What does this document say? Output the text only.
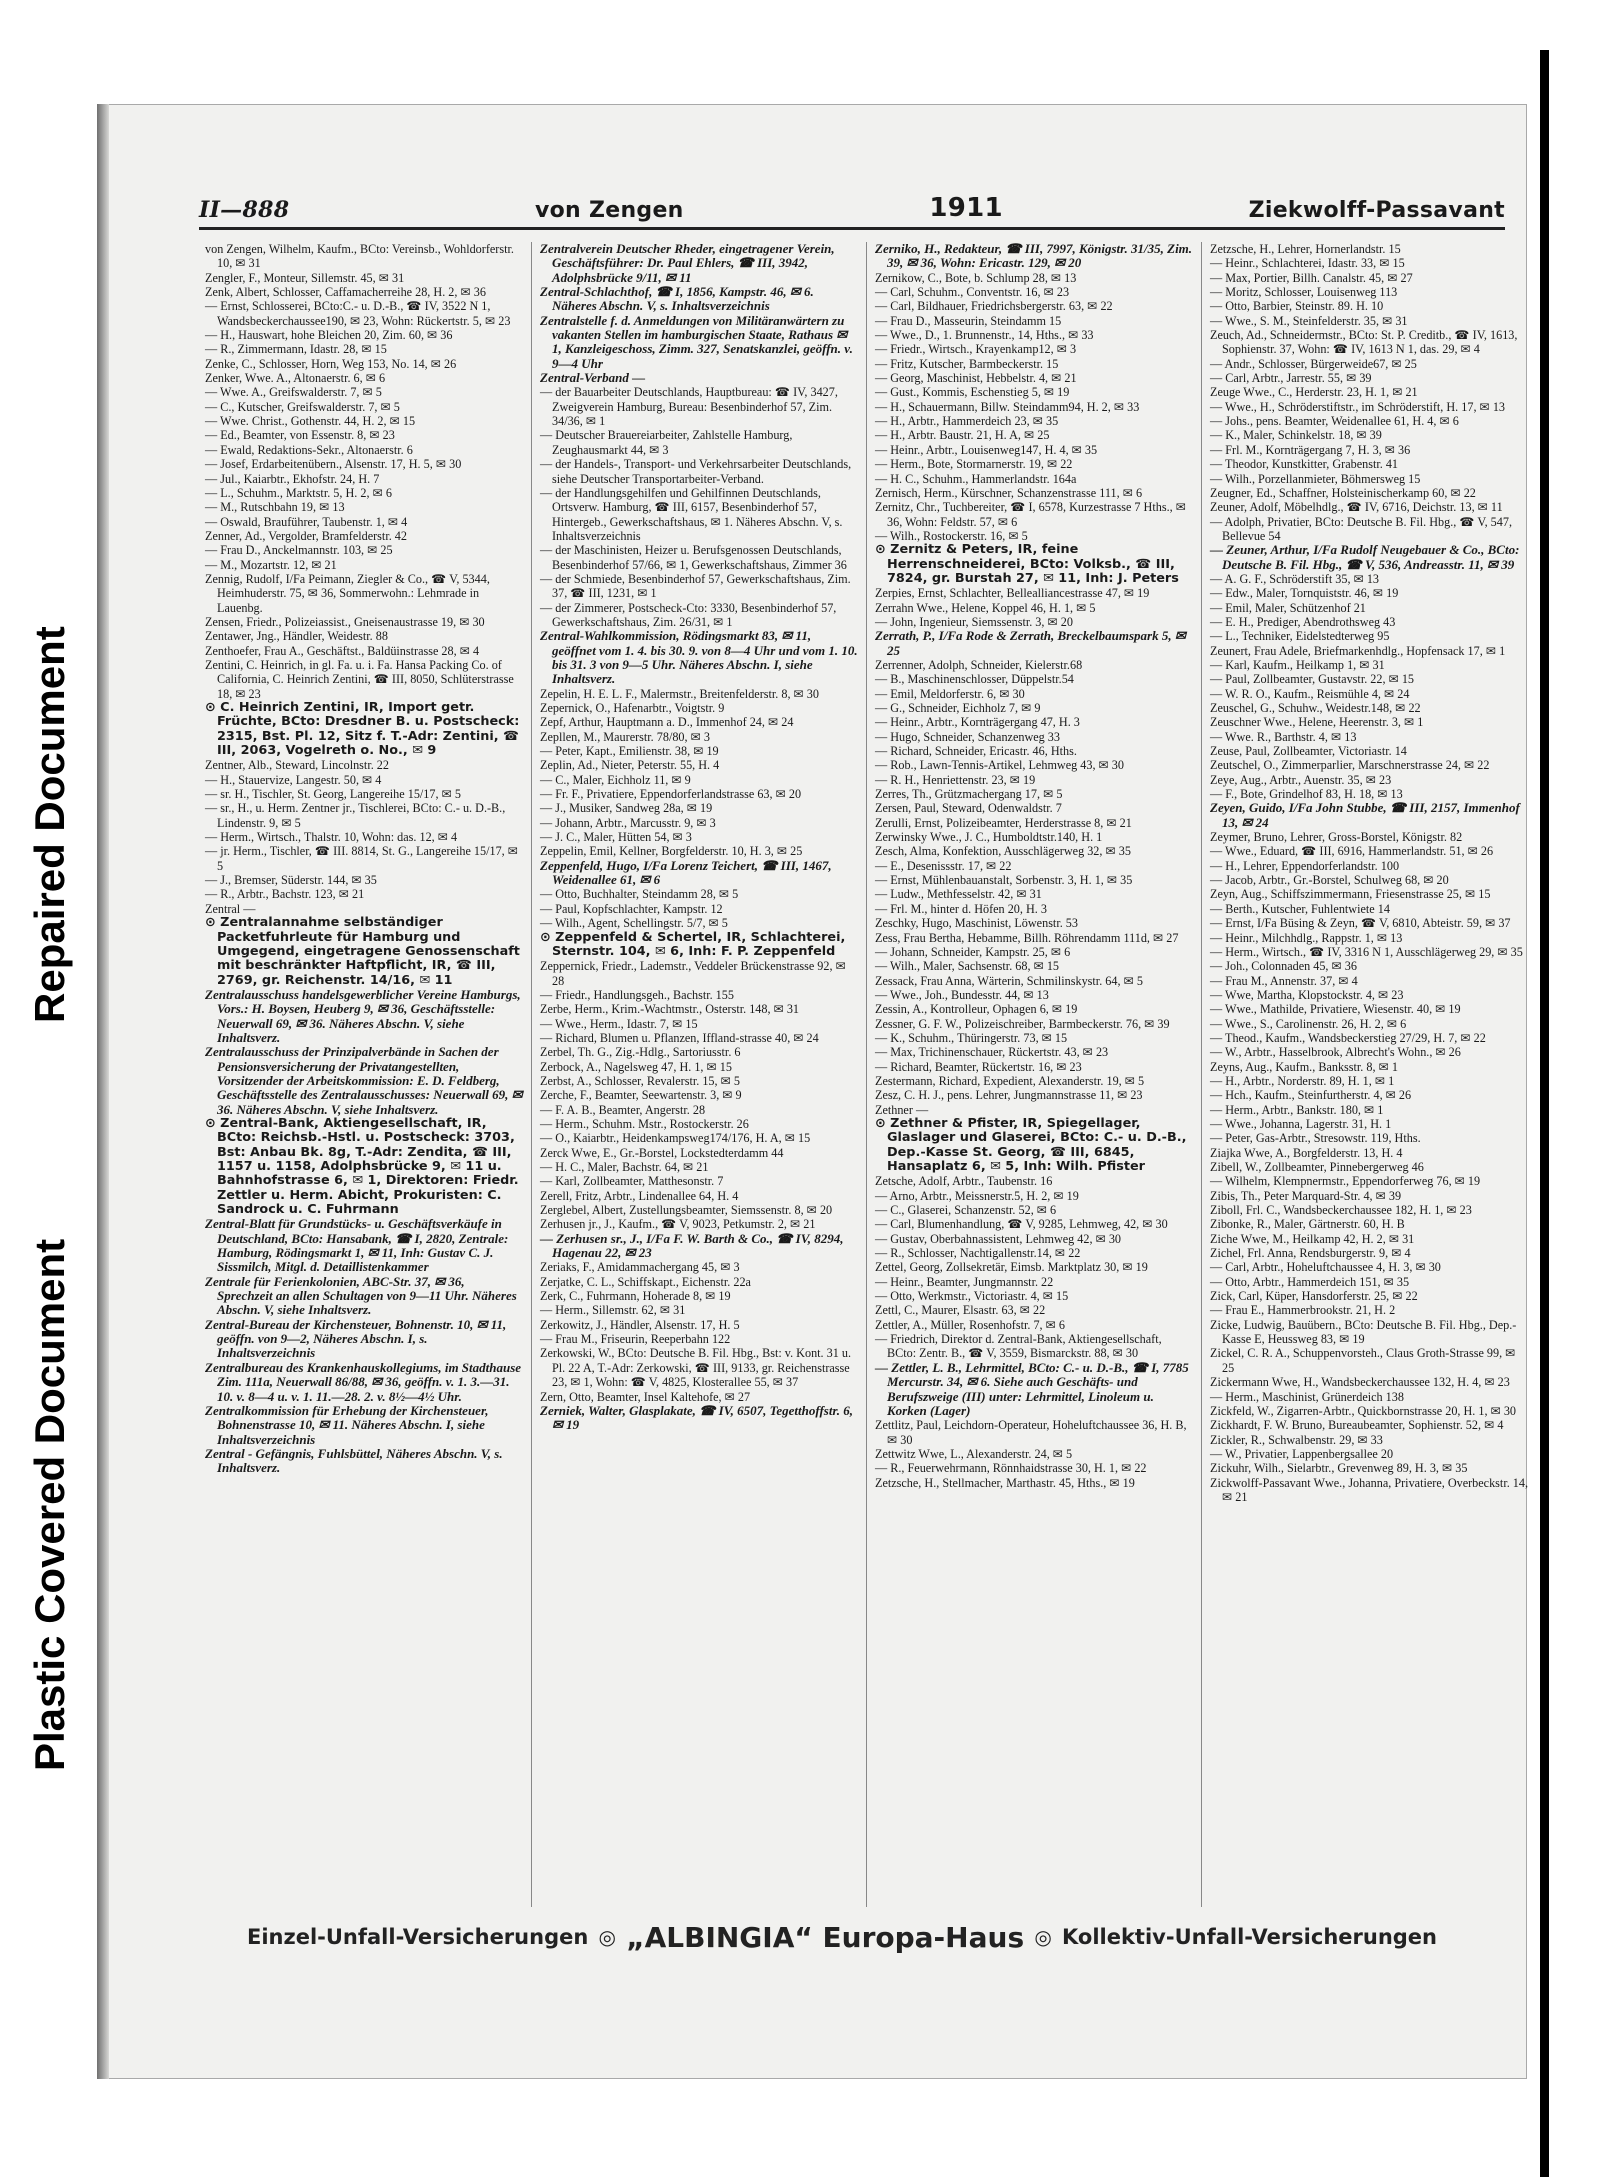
Repaired Document
Plastic Covered Document
II—888	von Zengen	1911	Ziekwolff-Passavant

von Zengen, Wilhelm, Kaufm., BCto: Vereinsb., Wohldorferstr. 10, ✉ 31

Zengler, F., Monteur, Sillemstr. 45, ✉ 31

Zenk, Albert, Schlosser, Caffamacherreihe 28, H. 2, ✉ 36

— Ernst, Schlosserei, BCto:C.- u. D.-B., ☎ IV, 3522 N 1, Wandsbeckerchaussee190, ✉ 23, Wohn: Rückertstr. 5, ✉ 23

— H., Hauswart, hohe Bleichen 20, Zim. 60, ✉ 36

— R., Zimmermann, Idastr. 28, ✉ 15

Zenke, C., Schlosser, Horn, Weg 153, No. 14, ✉ 26

Zenker, Wwe. A., Altonaerstr. 6, ✉ 6

— Wwe. A., Greifswalderstr. 7, ✉ 5

— C., Kutscher, Greifswalderstr. 7, ✉ 5

— Wwe. Christ., Gothenstr. 44, H. 2, ✉ 15

— Ed., Beamter, von Essenstr. 8, ✉ 23

— Ewald, Redaktions-Sekr., Altonaerstr. 6

— Josef, Erdarbeitenübern., Alsenstr. 17, H. 5, ✉ 30

— Jul., Kaiarbtr., Ekhofstr. 24, H. 7

— L., Schuhm., Marktstr. 5, H. 2, ✉ 6

— M., Rutschbahn 19, ✉ 13

— Oswald, Brauführer, Taubenstr. 1, ✉ 4

Zenner, Ad., Vergolder, Bramfelderstr. 42

— Frau D., Anckelmannstr. 103, ✉ 25

— M., Mozartstr. 12, ✉ 21

Zennig, Rudolf, I/Fa Peimann, Ziegler & Co., ☎ V, 5344, Heimhuderstr. 75, ✉ 36, Sommerwohn.: Lehmrade in Lauenbg.

Zensen, Friedr., Polizeiassist., Gneisenaustrasse 19, ✉ 30

Zentawer, Jng., Händler, Weidestr. 88

Zenthoefer, Frau A., Geschäftst., Baldüinstrasse 28, ✉ 4

Zentini, C. Heinrich, in gl. Fa. u. i. Fa. Hansa Packing Co. of California, C. Heinrich Zentini, ☎ III, 8050, Schlüterstrasse 18, ✉ 23

⊙ C. Heinrich Zentini, IR, Import getr. Früchte, BCto: Dresdner B. u. Postscheck: 2315, Bst. Pl. 12, Sitz f. T.-Adr: Zentini, ☎ III, 2063, Vogelreth o. No., ✉ 9

Zentner, Alb., Steward, Lincolnstr. 22

— H., Stauervize, Langestr. 50, ✉ 4

— sr. H., Tischler, St. Georg, Langereihe 15/17, ✉ 5

— sr., H., u. Herm. Zentner jr., Tischlerei, BCto: C.- u. D.-B., Lindenstr. 9, ✉ 5

— Herm., Wirtsch., Thalstr. 10, Wohn: das. 12, ✉ 4

— jr. Herm., Tischler, ☎ III. 8814, St. G., Langereihe 15/17, ✉ 5

— J., Bremser, Süderstr. 144, ✉ 35

— R., Arbtr., Bachstr. 123, ✉ 21

Zentral —

⊙ Zentralannahme selbständiger Packetfuhrleute für Hamburg und Umgegend, eingetragene Genossenschaft mit beschränkter Haftpflicht, IR, ☎ III, 2769, gr. Reichenstr. 14/16, ✉ 11

Zentralausschuss handelsgewerblicher Vereine Hamburgs, Vors.: H. Boysen, Heuberg 9, ✉ 36, Geschäftsstelle: Neuerwall 69, ✉ 36. Näheres Abschn. V, siehe Inhaltsverz.

Zentralausschuss der Prinzipalverbände in Sachen der Pensionsversicherung der Privatangestellten, Vorsitzender der Arbeitskommission: E. D. Feldberg, Geschäftsstelle des Zentralausschusses: Neuerwall 69, ✉ 36. Näheres Abschn. V, siehe Inhaltsverz.

⊙ Zentral-Bank, Aktiengesellschaft, IR, BCto: Reichsb.-Hstl. u. Postscheck: 3703, Bst: Anbau Bk. 8g, T.-Adr: Zendita, ☎ III, 1157 u. 1158, Adolphsbrücke 9, ✉ 11 u. Bahnhofstrasse 6, ✉ 1, Direktoren: Friedr. Zettler u. Herm. Abicht, Prokuristen: C. Sandrock u. C. Fuhrmann

Zentral-Blatt für Grundstücks- u. Geschäftsverkäufe in Deutschland, BCto: Hansabank, ☎ I, 2820, Zentrale: Hamburg, Rödingsmarkt 1, ✉ 11, Inh: Gustav C. J. Sissmilch, Mitgl. d. Detaillistenkammer

Zentrale für Ferienkolonien, ABC-Str. 37, ✉ 36, Sprechzeit an allen Schultagen von 9—11 Uhr. Näheres Abschn. V, siehe Inhaltsverz.

Zentral-Bureau der Kirchensteuer, Bohnenstr. 10, ✉ 11, geöffn. von 9—2, Näheres Abschn. I, s. Inhaltsverzeichnis

Zentralbureau des Krankenhauskollegiums, im Stadthause Zim. 111a, Neuerwall 86/88, ✉ 36, geöffn. v. 1. 3.—31. 10. v. 8—4 u. v. 1. 11.—28. 2. v. 8½—4½ Uhr.

Zentralkommission für Erhebung der Kirchensteuer, Bohnenstrasse 10, ✉ 11. Näheres Abschn. I, siehe Inhaltsverzeichnis

Zentral - Gefängnis, Fuhlsbüttel, Näheres Abschn. V, s. Inhaltsverz.

Zentralverein Deutscher Rheder, eingetragener Verein, Geschäftsführer: Dr. Paul Ehlers, ☎ III, 3942, Adolphsbrücke 9/11, ✉ 11

Zentral-Schlachthof, ☎ I, 1856, Kampstr. 46, ✉ 6. Näheres Abschn. V, s. Inhaltsverzeichnis

Zentralstelle f. d. Anmeldungen von Militäranwärtern zu vakanten Stellen im hamburgischen Staate, Rathaus ✉ 1, Kanzleigeschoss, Zimm. 327, Senatskanzlei, geöffn. v. 9—4 Uhr

Zentral-Verband —

— der Bauarbeiter Deutschlands, Hauptbureau: ☎ IV, 3427, Zweigverein Hamburg, Bureau: Besenbinderhof 57, Zim. 34/36, ✉ 1

— Deutscher Brauereiarbeiter, Zahlstelle Hamburg, Zeughausmarkt 44, ✉ 3

— der Handels-, Transport- und Verkehrsarbeiter Deutschlands, siehe Deutscher Transportarbeiter-Verband.

— der Handlungsgehilfen und Gehilfinnen Deutschlands, Ortsverw. Hamburg, ☎ III, 6157, Besenbinderhof 57, Hintergeb., Gewerkschaftshaus, ✉ 1. Näheres Abschn. V, s. Inhaltsverzeichnis

— der Maschinisten, Heizer u. Berufsgenossen Deutschlands, Besenbinderhof 57/66, ✉ 1, Gewerkschaftshaus, Zimmer 36

— der Schmiede, Besenbinderhof 57, Gewerkschaftshaus, Zim. 37, ☎ III, 1231, ✉ 1

— der Zimmerer, Postscheck-Cto: 3330, Besenbinderhof 57, Gewerkschaftshaus, Zim. 26/31, ✉ 1

Zentral-Wahlkommission, Rödingsmarkt 83, ✉ 11, geöffnet vom 1. 4. bis 30. 9. von 8—4 Uhr und vom 1. 10. bis 31. 3 von 9—5 Uhr. Näheres Abschn. I, siehe Inhaltsverz.

Zepelin, H. E. L. F., Malermstr., Breitenfelderstr. 8, ✉ 30

Zepernick, O., Hafenarbtr., Voigtstr. 9

Zepf, Arthur, Hauptmann a. D., Immenhof 24, ✉ 24

Zepllen, M., Maurerstr. 78/80, ✉ 3

— Peter, Kapt., Emilienstr. 38, ✉ 19

Zeplin, Ad., Nieter, Peterstr. 55, H. 4

— C., Maler, Eichholz 11, ✉ 9

— Fr. F., Privatiere, Eppendorferlandstrasse 63, ✉ 20

— J., Musiker, Sandweg 28a, ✉ 19

— Johann, Arbtr., Marcusstr. 9, ✉ 3

— J. C., Maler, Hütten 54, ✉ 3

Zeppelin, Emil, Kellner, Borgfelderstr. 10, H. 3, ✉ 25

Zeppenfeld, Hugo, I/Fa Lorenz Teichert, ☎ III, 1467, Weidenallee 61, ✉ 6

— Otto, Buchhalter, Steindamm 28, ✉ 5

— Paul, Kopfschlachter, Kampstr. 12

— Wilh., Agent, Schellingstr. 5/7, ✉ 5

⊙ Zeppenfeld & Schertel, IR, Schlachterei, Sternstr. 104, ✉ 6, Inh: F. P. Zeppenfeld

Zeppernick, Friedr., Lademstr., Veddeler Brückenstrasse 92, ✉ 28

— Friedr., Handlungsgeh., Bachstr. 155

Zerbe, Herm., Krim.-Wachtmstr., Osterstr. 148, ✉ 31

— Wwe., Herm., Idastr. 7, ✉ 15

— Richard, Blumen u. Pflanzen, Iffland-strasse 40, ✉ 24

Zerbel, Th. G., Zig.-Hdlg., Sartoriusstr. 6

Zerbock, A., Nagelsweg 47, H. 1, ✉ 15

Zerbst, A., Schlosser, Revalerstr. 15, ✉ 5

Zerche, F., Beamter, Seewartenstr. 3, ✉ 9

— F. A. B., Beamter, Angerstr. 28

— Herm., Schuhm. Mstr., Rostockerstr. 26

— O., Kaiarbtr., Heidenkampsweg174/176, H. A, ✉ 15

Zerck Wwe, E., Gr.-Borstel, Lockstedterdamm 44

— H. C., Maler, Bachstr. 64, ✉ 21

— Karl, Zollbeamter, Matthesonstr. 7

Zerell, Fritz, Arbtr., Lindenallee 64, H. 4

Zerglebel, Albert, Zustellungsbeamter, Siemssenstr. 8, ✉ 20

Zerhusen jr., J., Kaufm., ☎ V, 9023, Petkumstr. 2, ✉ 21

— Zerhusen sr., J., I/Fa F. W. Barth & Co., ☎ IV, 8294, Hagenau 22, ✉ 23

Zeriaks, F., Amidammachergang 45, ✉ 3

Zerjatke, C. L., Schiffskapt., Eichenstr. 22a

Zerk, C., Fuhrmann, Hoherade 8, ✉ 19

— Herm., Sillemstr. 62, ✉ 31

Zerkowitz, J., Händler, Alsenstr. 17, H. 5

— Frau M., Friseurin, Reeperbahn 122

Zerkowski, W., BCto: Deutsche B. Fil. Hbg., Bst: v. Kont. 31 u. Pl. 22 A, T.-Adr: Zerkowski, ☎ III, 9133, gr. Reichenstrasse 23, ✉ 1, Wohn: ☎ V, 4825, Klosterallee 55, ✉ 37

Zern, Otto, Beamter, Insel Kaltehofe, ✉ 27

Zerniek, Walter, Glasplakate, ☎ IV, 6507, Tegetthoffstr. 6, ✉ 19

Zerniko, H., Redakteur, ☎ III, 7997, Königstr. 31/35, Zim. 39, ✉ 36, Wohn: Ericastr. 129, ✉ 20

Zernikow, C., Bote, b. Schlump 28, ✉ 13

— Carl, Schuhm., Conventstr. 16, ✉ 23

— Carl, Bildhauer, Friedrichsbergerstr. 63, ✉ 22

— Frau D., Masseurin, Steindamm 15

— Wwe., D., 1. Brunnenstr., 14, Hths., ✉ 33

— Friedr., Wirtsch., Krayenkamp12, ✉ 3

— Fritz, Kutscher, Barmbeckerstr. 15

— Georg, Maschinist, Hebbelstr. 4, ✉ 21

— Gust., Kommis, Eschenstieg 5, ✉ 19

— H., Schauermann, Billw. Steindamm94, H. 2, ✉ 33

— H., Arbtr., Hammerdeich 23, ✉ 35

— H., Arbtr. Baustr. 21, H. A, ✉ 25

— Heinr., Arbtr., Louisenweg147, H. 4, ✉ 35

— Herm., Bote, Stormarnerstr. 19, ✉ 22

— H. C., Schuhm., Hammerlandstr. 164a

Zernisch, Herm., Kürschner, Schanzenstrasse 111, ✉ 6

Zernitz, Chr., Tuchbereiter, ☎ I, 6578, Kurzestrasse 7 Hths., ✉ 36, Wohn: Feldstr. 57, ✉ 6

— Wilh., Rostockerstr. 16, ✉ 5

⊙ Zernitz & Peters, IR, feine Herrenschneiderei, BCto: Volksb., ☎ III, 7824, gr. Burstah 27, ✉ 11, Inh: J. Peters

Zerpies, Ernst, Schlachter, Bellealliancestrasse 47, ✉ 19

Zerrahn Wwe., Helene, Koppel 46, H. 1, ✉ 5

— John, Ingenieur, Siemssenstr. 3, ✉ 20

Zerrath, P., I/Fa Rode & Zerrath, Breckelbaumspark 5, ✉ 25

Zerrenner, Adolph, Schneider, Kielerstr.68

— B., Maschinenschlosser, Düppelstr.54

— Emil, Meldorferstr. 6, ✉ 30

— G., Schneider, Eichholz 7, ✉ 9

— Heinr., Arbtr., Kornträgergang 47, H. 3

— Hugo, Schneider, Schanzenweg 33

— Richard, Schneider, Ericastr. 46, Hths.

— Rob., Lawn-Tennis-Artikel, Lehmweg 43, ✉ 30

— R. H., Henriettenstr. 23, ✉ 19

Zerres, Th., Grützmachergang 17, ✉ 5

Zersen, Paul, Steward, Odenwaldstr. 7

Zerulli, Ernst, Polizeibeamter, Herderstrasse 8, ✉ 21

Zerwinsky Wwe., J. C., Humboldtstr.140, H. 1

Zesch, Alma, Konfektion, Ausschlägerweg 32, ✉ 35

— E., Desenissstr. 17, ✉ 22

— Ernst, Mühlenbauanstalt, Sorbenstr. 3, H. 1, ✉ 35

— Ludw., Methfesselstr. 42, ✉ 31

— Frl. M., hinter d. Höfen 20, H. 3

Zeschky, Hugo, Maschinist, Löwenstr. 53

Zess, Frau Bertha, Hebamme, Billh. Röhrendamm 111d, ✉ 27

— Johann, Schneider, Kampstr. 25, ✉ 6

— Wilh., Maler, Sachsenstr. 68, ✉ 15

Zessack, Frau Anna, Wärterin, Schmilinskystr. 64, ✉ 5

— Wwe., Joh., Bundesstr. 44, ✉ 13

Zessin, A., Kontrolleur, Ophagen 6, ✉ 19

Zessner, G. F. W., Polizeischreiber, Barmbeckerstr. 76, ✉ 39

— K., Schuhm., Thüringerstr. 73, ✉ 15

— Max, Trichinenschauer, Rückertstr. 43, ✉ 23

— Richard, Beamter, Rückertstr. 16, ✉ 23

Zestermann, Richard, Expedient, Alexanderstr. 19, ✉ 5

Zesz, C. H. J., pens. Lehrer, Jungmannstrasse 11, ✉ 23

Zethner —

⊙ Zethner & Pfister, IR, Spiegellager, Glaslager und Glaserei, BCto: C.- u. D.-B., Dep.-Kasse St. Georg, ☎ III, 6845, Hansaplatz 6, ✉ 5, Inh: Wilh. Pfister

Zetsche, Adolf, Arbtr., Taubenstr. 16

— Arno, Arbtr., Meissnerstr.5, H. 2, ✉ 19

— C., Glaserei, Schanzenstr. 52, ✉ 6

— Carl, Blumenhandlung, ☎ V, 9285, Lehmweg, 42, ✉ 30

— Gustav, Oberbahnassistent, Lehmweg 42, ✉ 30

— R., Schlosser, Nachtigallenstr.14, ✉ 22

Zettel, Georg, Zollsekretär, Eimsb. Marktplatz 30, ✉ 19

— Heinr., Beamter, Jungmannstr. 22

— Otto, Werkmstr., Victoriastr. 4, ✉ 15

Zettl, C., Maurer, Elsastr. 63, ✉ 22

Zettler, A., Müller, Rosenhofstr. 7, ✉ 6

— Friedrich, Direktor d. Zentral-Bank, Aktiengesellschaft, BCto: Zentr. B., ☎ V, 3559, Bismarckstr. 88, ✉ 30

— Zettler, L. B., Lehrmittel, BCto: C.- u. D.-B., ☎ I, 7785 Mercurstr. 34, ✉ 6. Siehe auch Geschäfts- und Berufszweige (III) unter: Lehrmittel, Linoleum u. Korken (Lager)

Zettlitz, Paul, Leichdorn-Operateur, Hoheluftchaussee 36, H. B, ✉ 30

Zettwitz Wwe, L., Alexanderstr. 24, ✉ 5

— R., Feuerwehrmann, Rönnhaidstrasse 30, H. 1, ✉ 22

Zetzsche, H., Stellmacher, Marthastr. 45, Hths., ✉ 19

Zetzsche, H., Lehrer, Hornerlandstr. 15

— Heinr., Schlachterei, Idastr. 33, ✉ 15

— Max, Portier, Billh. Canalstr. 45, ✉ 27

— Moritz, Schlosser, Louisenweg 113

— Otto, Barbier, Steinstr. 89. H. 10

— Wwe., S. M., Steinfelderstr. 35, ✉ 31

Zeuch, Ad., Schneidermstr., BCto: St. P. Creditb., ☎ IV, 1613, Sophienstr. 37, Wohn: ☎ IV, 1613 N 1, das. 29, ✉ 4

— Andr., Schlosser, Bürgerweide67, ✉ 25

— Carl, Arbtr., Jarrestr. 55, ✉ 39

Zeuge Wwe., C., Herderstr. 23, H. 1, ✉ 21

— Wwe., H., Schröderstiftstr., im Schröderstift, H. 17, ✉ 13

— Johs., pens. Beamter, Weidenallee 61, H. 4, ✉ 6

— K., Maler, Schinkelstr. 18, ✉ 39

— Frl. M., Kornträgergang 7, H. 3, ✉ 36

— Theodor, Kunstkitter, Grabenstr. 41

— Wilh., Porzellanmieter, Böhmersweg 15

Zeugner, Ed., Schaffner, Holsteinischerkamp 60, ✉ 22

Zeuner, Adolf, Möbelhdlg., ☎ IV, 6716, Deichstr. 13, ✉ 11

— Adolph, Privatier, BCto: Deutsche B. Fil. Hbg., ☎ V, 547, Bellevue 54

— Zeuner, Arthur, I/Fa Rudolf Neugebauer & Co., BCto: Deutsche B. Fil. Hbg., ☎ V, 536, Andreasstr. 11, ✉ 39

— A. G. F., Schröderstift 35, ✉ 13

— Edw., Maler, Tornquiststr. 46, ✉ 19

— Emil, Maler, Schützenhof 21

— E. H., Prediger, Abendrothsweg 43

— L., Techniker, Eidelstedterweg 95

Zeunert, Frau Adele, Briefmarkenhdlg., Hopfensack 17, ✉ 1

— Karl, Kaufm., Heilkamp 1, ✉ 31

— Paul, Zollbeamter, Gustavstr. 22, ✉ 15

— W. R. O., Kaufm., Reismühle 4, ✉ 24

Zeuschel, G., Schuhw., Weidestr.148, ✉ 22

Zeuschner Wwe., Helene, Heerenstr. 3, ✉ 1

— Wwe. R., Barthstr. 4, ✉ 13

Zeuse, Paul, Zollbeamter, Victoriastr. 14

Zeutschel, O., Zimmerparlier, Marschnerstrasse 24, ✉ 22

Zeye, Aug., Arbtr., Auenstr. 35, ✉ 23

— F., Bote, Grindelhof 83, H. 18, ✉ 13

Zeyen, Guido, I/Fa John Stubbe, ☎ III, 2157, Immenhof 13, ✉ 24

Zeymer, Bruno, Lehrer, Gross-Borstel, Königstr. 82

— Wwe., Eduard, ☎ III, 6916, Hammerlandstr. 51, ✉ 26

— H., Lehrer, Eppendorferlandstr. 100

— Jacob, Arbtr., Gr.-Borstel, Schulweg 68, ✉ 20

Zeyn, Aug., Schiffszimmermann, Friesenstrasse 25, ✉ 15

— Berth., Kutscher, Fuhlentwiete 14

— Ernst, I/Fa Büsing & Zeyn, ☎ V, 6810, Abteistr. 59, ✉ 37

— Heinr., Milchhdlg., Rappstr. 1, ✉ 13

— Herm., Wirtsch., ☎ IV, 3316 N 1, Ausschlägerweg 29, ✉ 35

— Joh., Colonnaden 45, ✉ 36

— Frau M., Annenstr. 37, ✉ 4

— Wwe, Martha, Klopstockstr. 4, ✉ 23

— Wwe., Mathilde, Privatiere, Wiesenstr. 40, ✉ 19

— Wwe., S., Carolinenstr. 26, H. 2, ✉ 6

— Theod., Kaufm., Wandsbeckerstieg 27/29, H. 7, ✉ 22

— W., Arbtr., Hasselbrook, Albrecht's Wohn., ✉ 26

Zeyns, Aug., Kaufm., Banksstr. 8, ✉ 1

— H., Arbtr., Norderstr. 89, H. 1, ✉ 1

— Hch., Kaufm., Steinfurtherstr. 4, ✉ 26

— Herm., Arbtr., Bankstr. 180, ✉ 1

— Wwe., Johanna, Lagerstr. 31, H. 1

— Peter, Gas-Arbtr., Stresowstr. 119, Hths.

Ziajka Wwe, A., Borgfelderstr. 13, H. 4

Zibell, W., Zollbeamter, Pinnebergerweg 46

— Wilhelm, Klempnermstr., Eppendorferweg 76, ✉ 19

Zibis, Th., Peter Marquard-Str. 4, ✉ 39

Ziboll, Frl. C., Wandsbeckerchaussee 182, H. 1, ✉ 23

Zibonke, R., Maler, Gärtnerstr. 60, H. B

Ziche Wwe, M., Heilkamp 42, H. 2, ✉ 31

Zichel, Frl. Anna, Rendsburgerstr. 9, ✉ 4

— Carl, Arbtr., Hoheluftchaussee 4, H. 3, ✉ 30

— Otto, Arbtr., Hammerdeich 151, ✉ 35

Zick, Carl, Küper, Hansdorferstr. 25, ✉ 22

— Frau E., Hammerbrookstr. 21, H. 2

Zicke, Ludwig, Bauübern., BCto: Deutsche B. Fil. Hbg., Dep.-Kasse E, Heussweg 83, ✉ 19

Zickel, C. R. A., Schuppenvorsteh., Claus Groth-Strasse 99, ✉ 25

Zickermann Wwe, H., Wandsbeckerchaussee 132, H. 4, ✉ 23

— Herm., Maschinist, Grünerdeich 138

Zickfeld, W., Zigarren-Arbtr., Quickbornstrasse 20, H. 1, ✉ 30

Zickhardt, F. W. Bruno, Bureaubeamter, Sophienstr. 52, ✉ 4

Zickler, R., Schwalbenstr. 29, ✉ 33

— W., Privatier, Lappenbergsallee 20

Zickuhr, Wilh., Sielarbtr., Grevenweg 89, H. 3, ✉ 35

Zickwolff-Passavant Wwe., Johanna, Privatiere, Overbeckstr. 14, ✉ 21

Einzel-Unfall-Versicherungen ◎ „ALBINGIA“ Europa-Haus ◎ Kollektiv-Unfall-Versicherungen
